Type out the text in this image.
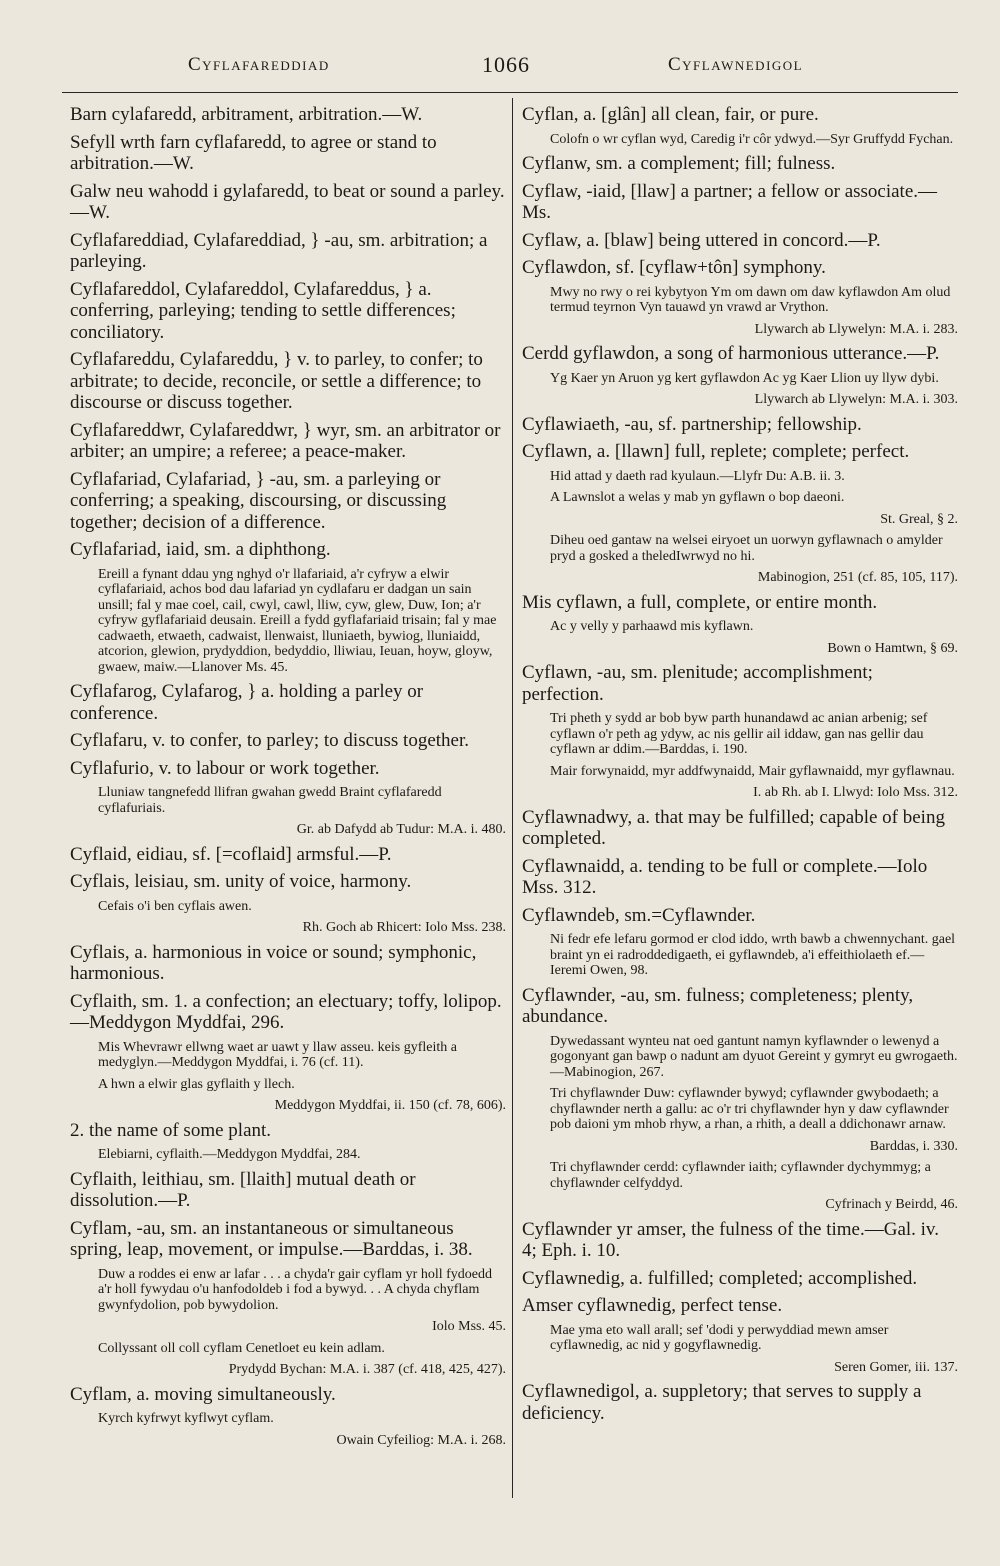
Cyflafareddiad	1066	Cyflawnedigol
Barn cylafaredd, arbitrament, arbitration.—W.
Sefyll wrth farn cyflafaredd, to agree or stand to arbitration.—W.
Galw neu wahodd i gylafaredd, to beat or sound a parley.—W.
Cyflafareddiad, Cylafareddiad, } -au, sm. arbitration; a parleying.
Cyflafareddol, Cylafareddol, Cylafareddus, } a. conferring, parleying; tending to settle differences; conciliatory.
Cyflafareddu, Cylafareddu, } v. to parley, to confer; to arbitrate; to decide, reconcile, or settle a difference; to discourse or discuss together.
Cyflafareddwr, Cylafareddwr, } wyr, sm. an arbitrator or arbiter; an umpire; a referee; a peace-maker.
Cyflafariad, Cylafariad, } -au, sm. a parleying or conferring; a speaking, discoursing, or discussing together; decision of a difference.
Cyflafariad, iaid, sm. a diphthong.
Ereill a fynant ddau yng nghyd o'r llafariaid, a'r cyfryw a elwir cyflafariaid, achos bod dau lafariad yn cydlafaru er dadgan un sain unsill; fal y mae coel, cail, cwyl, cawl, lliw, cyw, glew, Duw, Ion; a'r cyfryw gyflafariaid deusain. Ereill a fydd gyflafariaid trisain; fal y mae cadwaeth, etwaeth, cadwaist, llenwaist, lluniaeth, bywiog, lluniaidd, atcorion, glewion, prydyddion, bedyddio, lliwiau, Ieuan, hoyw, gloyw, gwaew, maiw.—Llanover Ms. 45.
Cyflafarog, Cylafarog, } a. holding a parley or conference.
Cyflafaru, v. to confer, to parley; to discuss together.
Cyflafurio, v. to labour or work together.
Lluniaw tangnefedd llifran gwahan gwedd Braint cyflafaredd cyflafuriais.
Gr. ab Dafydd ab Tudur: M.A. i. 480.
Cyflaid, eidiau, sf. [=coflaid] armsful.—P.
Cyflais, leisiau, sm. unity of voice, harmony.
Cefais o'i ben cyflais awen.
Rh. Goch ab Rhicert: Iolo Mss. 238.
Cyflais, a. harmonious in voice or sound; symphonic, harmonious.
Cyflaith, sm. 1. a confection; an electuary; toffy, lolipop.—Meddygon Myddfai, 296.
Mis Whevrawr ellwng waet ar uawt y llaw asseu. keis gyfleith a medyglyn.—Meddygon Myddfai, i. 76 (cf. 11).
A hwn a elwir glas gyflaith y llech.
Meddygon Myddfai, ii. 150 (cf. 78, 606).
2. the name of some plant.
Elebiarni, cyflaith.—Meddygon Myddfai, 284.
Cyflaith, leithiau, sm. [llaith] mutual death or dissolution.—P.
Cyflam, -au, sm. an instantaneous or simultaneous spring, leap, movement, or impulse.—Barddas, i. 38.
Duw a roddes ei enw ar lafar . . . a chyda'r gair cyflam yr holl fydoedd a'r holl fywydau o'u hanfodoldeb i fod a bywyd. . . A chyda chyflam gwynfydolion, pob bywydolion.
Iolo Mss. 45.
Collyssant oll coll cyflam Cenetloet eu kein adlam.
Prydydd Bychan: M.A. i. 387 (cf. 418, 425, 427).
Cyflam, a. moving simultaneously.
Kyrch kyfrwyt kyflwyt cyflam.
Owain Cyfeiliog: M.A. i. 268.
Cyflan, a. [glân] all clean, fair, or pure.
Colofn o wr cyflan wyd, Caredig i'r côr ydwyd.—Syr Gruffydd Fychan.
Cyflanw, sm. a complement; fill; fulness.
Cyflaw, -iaid, [llaw] a partner; a fellow or associate.—Ms.
Cyflaw, a. [blaw] being uttered in concord.—P.
Cyflawdon, sf. [cyflaw+tôn] symphony.
Mwy no rwy o rei kybytyon Ym om dawn om daw kyflawdon Am olud termud teyrnon Vyn tauawd yn vrawd ar Vrython.
Llywarch ab Llywelyn: M.A. i. 283.
Cerdd gyflawdon, a song of harmonious utterance.—P.
Yg Kaer yn Aruon yg kert gyflawdon Ac yg Kaer Llion uy llyw dybi.
Llywarch ab Llywelyn: M.A. i. 303.
Cyflawiaeth, -au, sf. partnership; fellowship.
Cyflawn, a. [llawn] full, replete; complete; perfect.
Hid attad y daeth rad kyulaun.—Llyfr Du: A.B. ii. 3.
A Lawnslot a welas y mab yn gyflawn o bop daeoni.
St. Greal, § 2.
Diheu oed gantaw na welsei eiryoet un uorwyn gyflawnach o amylder pryd a gosked a theledIwrwyd no hi.
Mabinogion, 251 (cf. 85, 105, 117).
Mis cyflawn, a full, complete, or entire month.
Ac y velly y parhaawd mis kyflawn.
Bown o Hamtwn, § 69.
Cyflawn, -au, sm. plenitude; accomplishment; perfection.
Tri pheth y sydd ar bob byw parth hunandawd ac anian arbenig; sef cyflawn o'r peth ag ydyw, ac nis gellir ail iddaw, gan nas gellir dau cyflawn ar ddim.—Barddas, i. 190.
Mair forwynaidd, myr addfwynaidd, Mair gyflawnaidd, myr gyflawnau.
I. ab Rh. ab I. Llwyd: Iolo Mss. 312.
Cyflawnadwy, a. that may be fulfilled; capable of being completed.
Cyflawnaidd, a. tending to be full or complete.—Iolo Mss. 312.
Cyflawndeb, sm.=Cyflawnder.
Ni fedr efe lefaru gormod er clod iddo, wrth bawb a chwennychant. gael braint yn ei radroddedigaeth, ei gyflawndeb, a'i effeithiolaeth ef.—Ieremi Owen, 98.
Cyflawnder, -au, sm. fulness; completeness; plenty, abundance.
Dywedassant wynteu nat oed gantunt namyn kyflawnder o lewenyd a gogonyant gan bawp o nadunt am dyuot Gereint y gymryt eu gwrogaeth.—Mabinogion, 267.
Tri chyflawnder Duw: cyflawnder bywyd; cyflawnder gwybodaeth; a chyflawnder nerth a gallu: ac o'r tri chyflawnder hyn y daw cyflawnder pob daioni ym mhob rhyw, a rhan, a rhith, a deall a ddichonawr arnaw.
Barddas, i. 330.
Tri chyflawnder cerdd: cyflawnder iaith; cyflawnder dychymmyg; a chyflawnder celfyddyd.
Cyfrinach y Beirdd, 46.
Cyflawnder yr amser, the fulness of the time.—Gal. iv. 4; Eph. i. 10.
Cyflawnedig, a. fulfilled; completed; accomplished.
Amser cyflawnedig, perfect tense.
Mae yma eto wall arall; sef 'dodi y perwyddiad mewn amser cyflawnedig, ac nid y gogyflawnedig.
Seren Gomer, iii. 137.
Cyflawnedigol, a. suppletory; that serves to supply a deficiency.
